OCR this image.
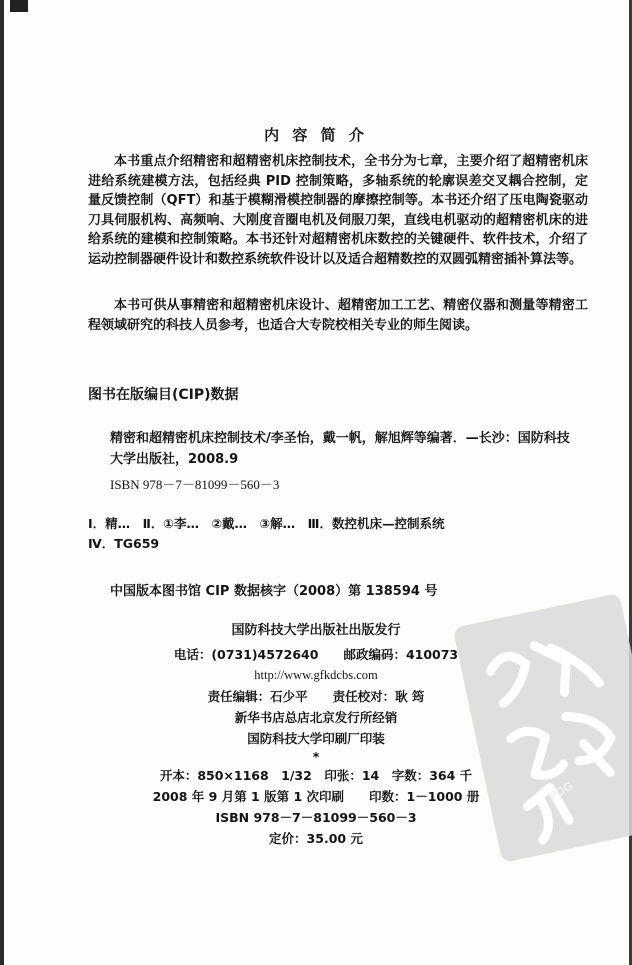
内 容 简 介

本书重点介绍精密和超精密机床控制技术，全书分为七章，主要介绍了超精密机床进给系统建模方法，包括经典 PID 控制策略，多轴系统的轮廓误差交叉耦合控制，定量反馈控制（QFT）和基于模糊滑模控制器的摩擦控制等。本书还介绍了压电陶瓷驱动刀具伺服机构、高频响、大刚度音圈电机及伺服刀架，直线电机驱动的超精密机床的进给系统的建模和控制策略。本书还针对超精密机床数控的关键硬件、软件技术，介绍了运动控制器硬件设计和数控系统软件设计以及适合超精数控的双圆弧精密插补算法等。

本书可供从事精密和超精密机床设计、超精密加工工艺、精密仪器和测量等精密工程领域研究的科技人员参考，也适合大专院校相关专业的师生阅读。

图书在版编目(CIP)数据

精密和超精密机床控制技术/李圣怡，戴一帆，解旭辉等编著．—长沙：国防科技大学出版社，2008.9

ISBN 978－7－81099－560－3
Ⅰ．精…　Ⅱ．①李…　②戴…　③解…　Ⅲ．数控机床—控制系统
Ⅳ．TG659
中国版本图书馆 CIP 数据核字（2008）第 138594 号
国防科技大学出版社出版发行
电话：(0731)4572640　　邮政编码：410073
http://www.gfkdcbs.com
责任编辑：石少平　　责任校对：耿 筠
新华书店总店北京发行所经销
国防科技大学印刷厂印装
*
开本：850×1168　1/32　印张：14　字数：364 千
2008 年 9 月第 1 版第 1 次印刷　　印数：1－1000 册
ISBN 978－7－81099－560－3
定价：35.00 元
PDG
